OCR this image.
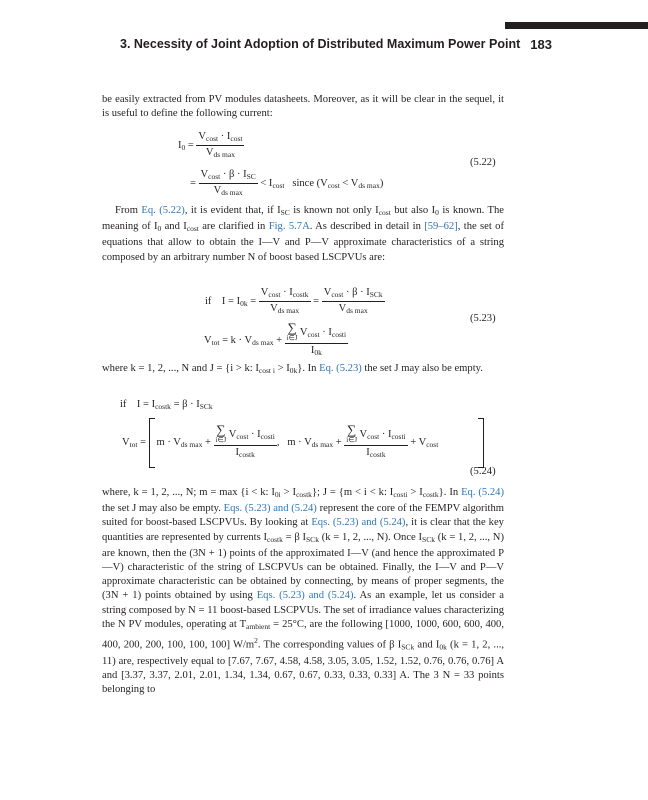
3. Necessity of Joint Adoption of Distributed Maximum Power Point 183

be easily extracted from PV modules datasheets. Moreover, as it will be clear in the sequel, it is useful to define the following current:

$I_0 = \frac{V_{cost} \cdot I_{cost}}{V_{ds max}}$
= $\frac{V_{cost} \cdot \beta \cdot I_{SC}}{V_{ds max}} < I_{cost}$ since $(V_{cost} < V_{ds max})$
(5.22)

From Eq. (5.22), it is evident that, if $I_{SC}$ is known not only $I_{cost}$ but also $I_0$ is known. The meaning of $I_0$ and $I_{cost}$ are clarified in Fig. 5.7A. As described in detail in [59–62], the set of equations that allow to obtain the I—V and P—V approximate characteristics of a string composed by an arbitrary number N of boost based LSCPVUs are:

if    $I = I_{0k} = \frac{V_{cost} \cdot I_{costk}}{V_{ds max}} = \frac{V_{cost} \cdot \beta \cdot I_{SCk}}{V_{ds max}}$
$V_{tot} = k \cdot V_{ds max}$ + ∑
i∈J
$V_{cost} \cdot I_{costi}$
$I_{0k}$
(5.23)

where k = 1, 2, ..., N and J = {i > k: $I_{cost i} > I_{0k}$}. In Eq. (5.23) the set J may also be empty.

if    $I = I_{costk} = \beta \cdot I_{SCk}$
$V_{tot}$ =    $m \cdot V_{ds max}$ + ∑
i∈J
$V_{cost} \cdot I_{costi}$
$I_{costk}$ ,   $m \cdot V_{ds max}$ + ∑
i∈J
$V_{cost} \cdot I_{costi}$
$I_{costk} + V_{cost}$
(5.24)

where, k = 1, 2, ..., N; m = max {i < k: $I_{0i} > I_{costk}$}; J = {m < i < k: $I_{costi} > I_{costk}$}. In Eq. (5.24) the set J may also be empty. Eqs. (5.23) and (5.24) represent the core of the FEMPV algorithm suited for boost-based LSCPVUs. By looking at Eqs. (5.23) and (5.24), it is clear that the key quantities are represented by currents $I_{costk} = \beta$ $I_{SCk}$ (k = 1, 2, ..., N). Once $I_{SCk}$ (k = 1, 2, ..., N) are known, then the (3N + 1) points of the approximated I—V (and hence the approximated P—V) characteristic of the string of LSCPVUs can be obtained. Finally, the I—V and P—V approximate characteristic can be obtained by connecting, by means of proper segments, the (3N + 1) points obtained by using Eqs. (5.23) and (5.24). As an example, let us consider a string composed by N = 11 boost-based LSCPVUs. The set of irradiance values characterizing the N PV modules, operating at $T_{ambient} = 25^\circ C$, are the following [1000, 1000, 600, 600, 400, 400, 200, 200, 100, 100, 100] $W/m^2$. The corresponding values of β $I_{SCk}$ and $I_{0k}$ (k = 1, 2, ..., 11) are, respectively equal to [7.67, 7.67, 4.58, 4.58, 3.05, 3.05, 1.52, 1.52, 0.76, 0.76, 0.76] A and [3.37, 3.37, 2.01, 2.01, 1.34, 1.34, 0.67, 0.67, 0.33, 0.33, 0.33] A. The 3 N = 33 points belonging to
